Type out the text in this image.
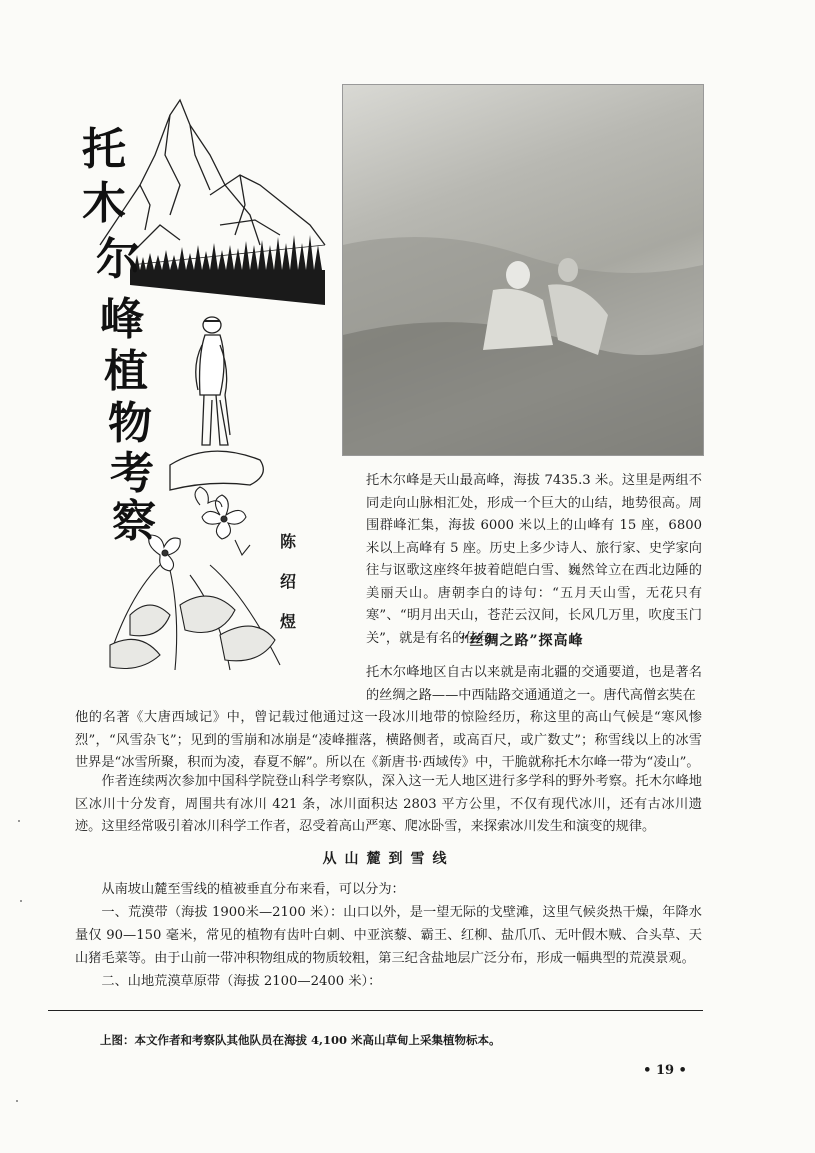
托
木
尔
峰
植
物
考
察	陈
绍
煜

托木尔峰是天山最高峰，海拔 7435.3 米。这里是两组不同走向山脉相汇处，形成一个巨大的山结，地势很高。周围群峰汇集，海拔 6000 米以上的山峰有 15 座，6800米以上高峰有 5 座。历史上多少诗人、旅行家、史学家向往与讴歌这座终年披着皑皑白雪、巍然耸立在西北边陲的美丽天山。唐朝李白的诗句：“五月天山雪，无花只有寒”、“明月出天山，苍茫云汉间，长风几万里，吹度玉门关”，就是有名的佳句。

“丝绸之路”探高峰

托木尔峰地区自古以来就是南北疆的交通要道，也是著名的丝绸之路——中西陆路交通通道之一。唐代高僧玄奘在

他的名著《大唐西域记》中，曾记载过他通过这一段冰川地带的惊险经历，称这里的高山气候是“寒风惨烈”，“风雪杂飞”；见到的雪崩和冰崩是“凌峰摧落，横路侧者，或高百尺，或广数丈”；称雪线以上的冰雪世界是“冰雪所聚，积而为凌，春夏不解”。所以在《新唐书·西域传》中，干脆就称托木尔峰一带为“凌山”。

作者连续两次参加中国科学院登山科学考察队，深入这一无人地区进行多学科的野外考察。托木尔峰地区冰川十分发育，周围共有冰川 421 条，冰川面积达 2803 平方公里，不仅有现代冰川，还有古冰川遗迹。这里经常吸引着冰川科学工作者，忍受着高山严寒、爬冰卧雪，来探索冰川发生和演变的规律。

从山麓到雪线

从南坡山麓至雪线的植被垂直分布来看，可以分为：

一、荒漠带（海拔 1900米—2100 米）：山口以外，是一望无际的戈壁滩，这里气候炎热干燥，年降水量仅 90—150 毫米，常见的植物有齿叶白刺、中亚滨藜、霸王、红柳、盐爪爪、无叶假木贼、合头草、天山猪毛菜等。由于山前一带冲积物组成的物质较粗，第三纪含盐地层广泛分布，形成一幅典型的荒漠景观。

二、山地荒漠草原带（海拔 2100—2400 米）：

上图：本文作者和考察队其他队员在海拔 4,100 米高山草甸上采集植物标本。
• 19 •
